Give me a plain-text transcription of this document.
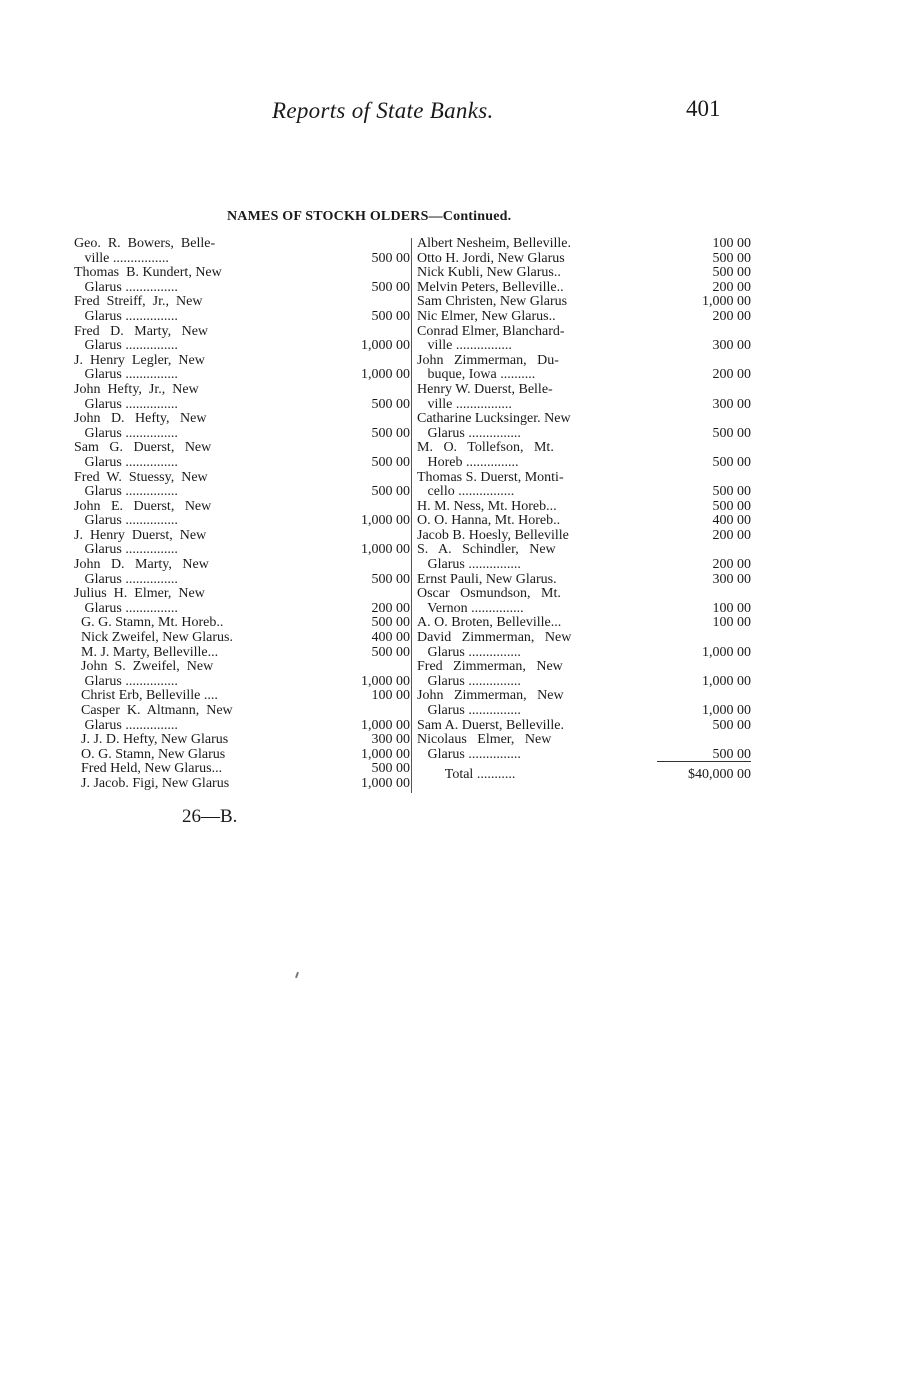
Reports of State Banks.	401
NAMES OF STOCKH OLDERS—Continued.
Geo.  R.  Bowers,  Belle-
ville ................	500 00
Thomas  B. Kundert, New
Glarus ...............	500 00
Fred  Streiff,  Jr.,  New
Glarus ...............	500 00
Fred   D.   Marty,   New
Glarus ...............	1,000 00
J.  Henry  Legler,  New
Glarus ...............	1,000 00
John  Hefty,  Jr.,  New
Glarus ...............	500 00
John   D.   Hefty,   New
Glarus ...............	500 00
Sam   G.   Duerst,   New
Glarus ...............	500 00
Fred  W.  Stuessy,  New
Glarus ...............	500 00
John   E.   Duerst,   New
Glarus ...............	1,000 00
J.  Henry  Duerst,  New
Glarus ...............	1,000 00
John   D.   Marty,   New
Glarus ...............	500 00
Julius  H.  Elmer,  New
Glarus ...............	200 00
G. G. Stamn, Mt. Horeb..	500 00
Nick Zweifel, New Glarus.	400 00
M. J. Marty, Belleville...	500 00
John  S.  Zweifel,  New
Glarus ...............	1,000 00
Christ Erb, Belleville ....	100 00
Casper  K.  Altmann,  New
Glarus ...............	1,000 00
J. J. D. Hefty, New Glarus	300 00
O. G. Stamn, New Glarus	1,000 00
Fred Held, New Glarus...	500 00
J. Jacob. Figi, New Glarus	1,000 00
Albert Nesheim, Belleville.	100 00
Otto H. Jordi, New Glarus	500 00
Nick Kubli, New Glarus..	500 00
Melvin Peters, Belleville..	200 00
Sam Christen, New Glarus	1,000 00
Nic Elmer, New Glarus..	200 00
Conrad Elmer, Blanchard-
ville ................	300 00
John   Zimmerman,   Du-
buque, Iowa ..........	200 00
Henry W. Duerst, Belle-
ville ................	300 00
Catharine Lucksinger. New
Glarus ...............	500 00
M.   O.   Tollefson,   Mt.
Horeb ...............	500 00
Thomas S. Duerst, Monti-
cello ................	500 00
H. M. Ness, Mt. Horeb...	500 00
O. O. Hanna, Mt. Horeb..	400 00
Jacob B. Hoesly, Belleville	200 00
S.   A.   Schindler,   New
Glarus ...............	200 00
Ernst Pauli, New Glarus.	300 00
Oscar   Osmundson,   Mt.
Vernon ...............	100 00
A. O. Broten, Belleville...	100 00
David   Zimmerman,   New
Glarus ...............	1,000 00
Fred   Zimmerman,   New
Glarus ...............	1,000 00
John   Zimmerman,   New
Glarus ...............	1,000 00
Sam A. Duerst, Belleville.	500 00
Nicolaus   Elmer,   New
Glarus ...............	500 00
Total ...........	$40,000 00
26—B.
